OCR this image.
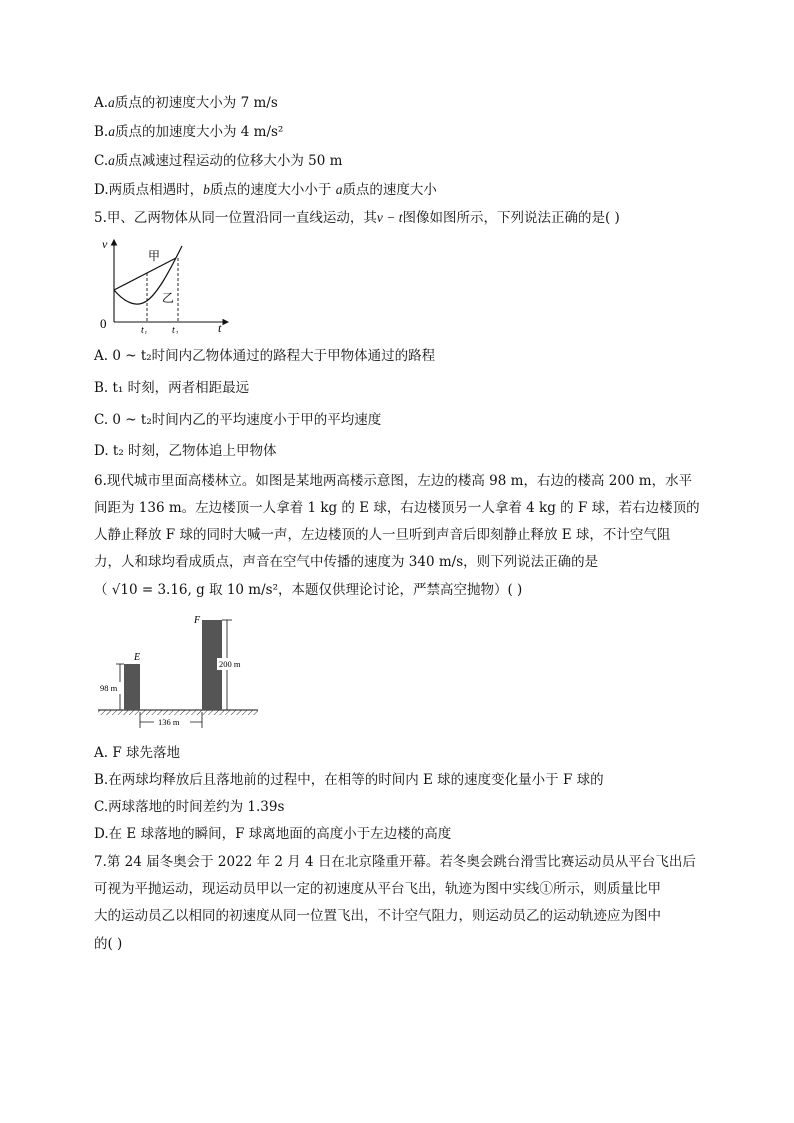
A.a质点的初速度大小为 7 m/s
B.a质点的加速度大小为 4 m/s²
C.a质点减速过程运动的位移大小为 50 m
D.两质点相遇时，b质点的速度大小小于 a质点的速度大小
5.甲、乙两物体从同一位置沿同一直线运动，其v − t图像如图所示，下列说法正确的是( )
v
t
0
甲
乙
t₁ t₂
A. 0 ~ t₂时间内乙物体通过的路程大于甲物体通过的路程
B. t₁ 时刻，两者相距最远
C. 0 ~ t₂时间内乙的平均速度小于甲的平均速度
D. t₂ 时刻，乙物体追上甲物体
6.现代城市里面高楼林立。如图是某地两高楼示意图，左边的楼高 98 m，右边的楼高 200 m，水平
间距为 136 m。左边楼顶一人拿着 1 kg 的 E 球，右边楼顶另一人拿着 4 kg 的 F 球，若右边楼顶的
人静止释放 F 球的同时大喊一声，左边楼顶的人一旦听到声音后即刻静止释放 E 球，不计空气阻
力，人和球均看成质点，声音在空气中传播的速度为 340 m/s，则下列说法正确的是
（ √10 = 3.16, g 取 10 m/s²，本题仅供理论讨论，严禁高空抛物）( )
E
F
98 m
200 m
136 m
A. F 球先落地
B.在两球均释放后且落地前的过程中，在相等的时间内 E 球的速度变化量小于 F 球的
C.两球落地的时间差约为 1.39s
D.在 E 球落地的瞬间，F 球离地面的高度小于左边楼的高度
7.第 24 届冬奥会于 2022 年 2 月 4 日在北京隆重开幕。若冬奥会跳台滑雪比赛运动员从平台飞出后
可视为平抛运动，现运动员甲以一定的初速度从平台飞出，轨迹为图中实线①所示，则质量比甲
大的运动员乙以相同的初速度从同一位置飞出，不计空气阻力，则运动员乙的运动轨迹应为图中
的( )
